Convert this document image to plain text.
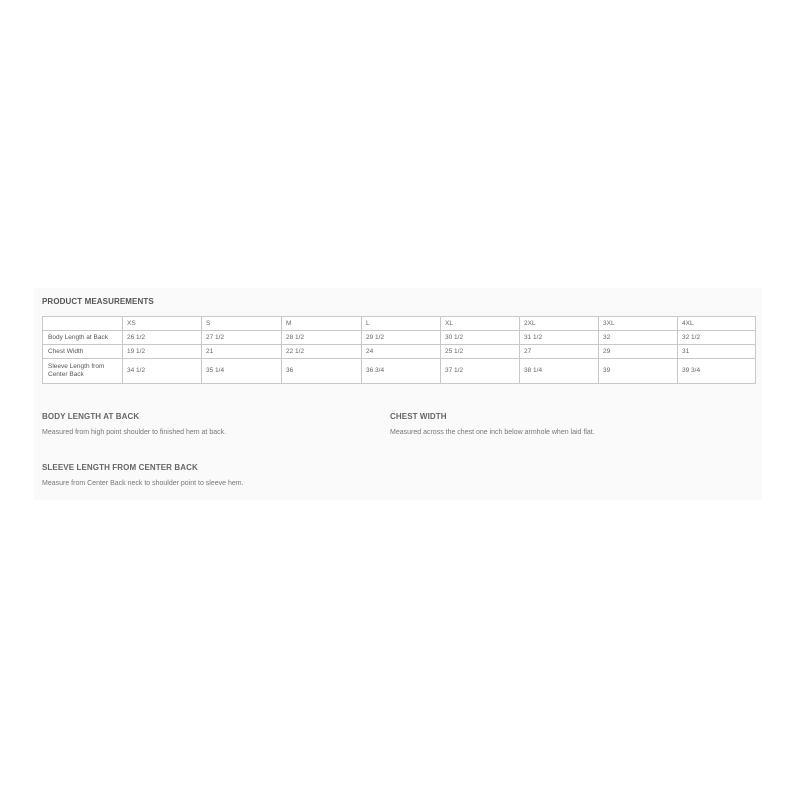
PRODUCT MEASUREMENTS
	XS	S	M	L	XL	2XL	3XL	4XL
Body Length at Back	26 1/2	27 1/2	28 1/2	29 1/2	30 1/2	31 1/2	32	32 1/2
Chest Width	19 1/2	21	22 1/2	24	25 1/2	27	29	31
Sleeve Length from Center Back	34 1/2	35 1/4	36	36 3/4	37 1/2	38 1/4	39	39 3/4
BODY LENGTH AT BACK

Measured from high point shoulder to finished hem at back.

CHEST WIDTH

Measured across the chest one inch below armhole when laid flat.

SLEEVE LENGTH FROM CENTER BACK

Measure from Center Back neck to shoulder point to sleeve hem.
